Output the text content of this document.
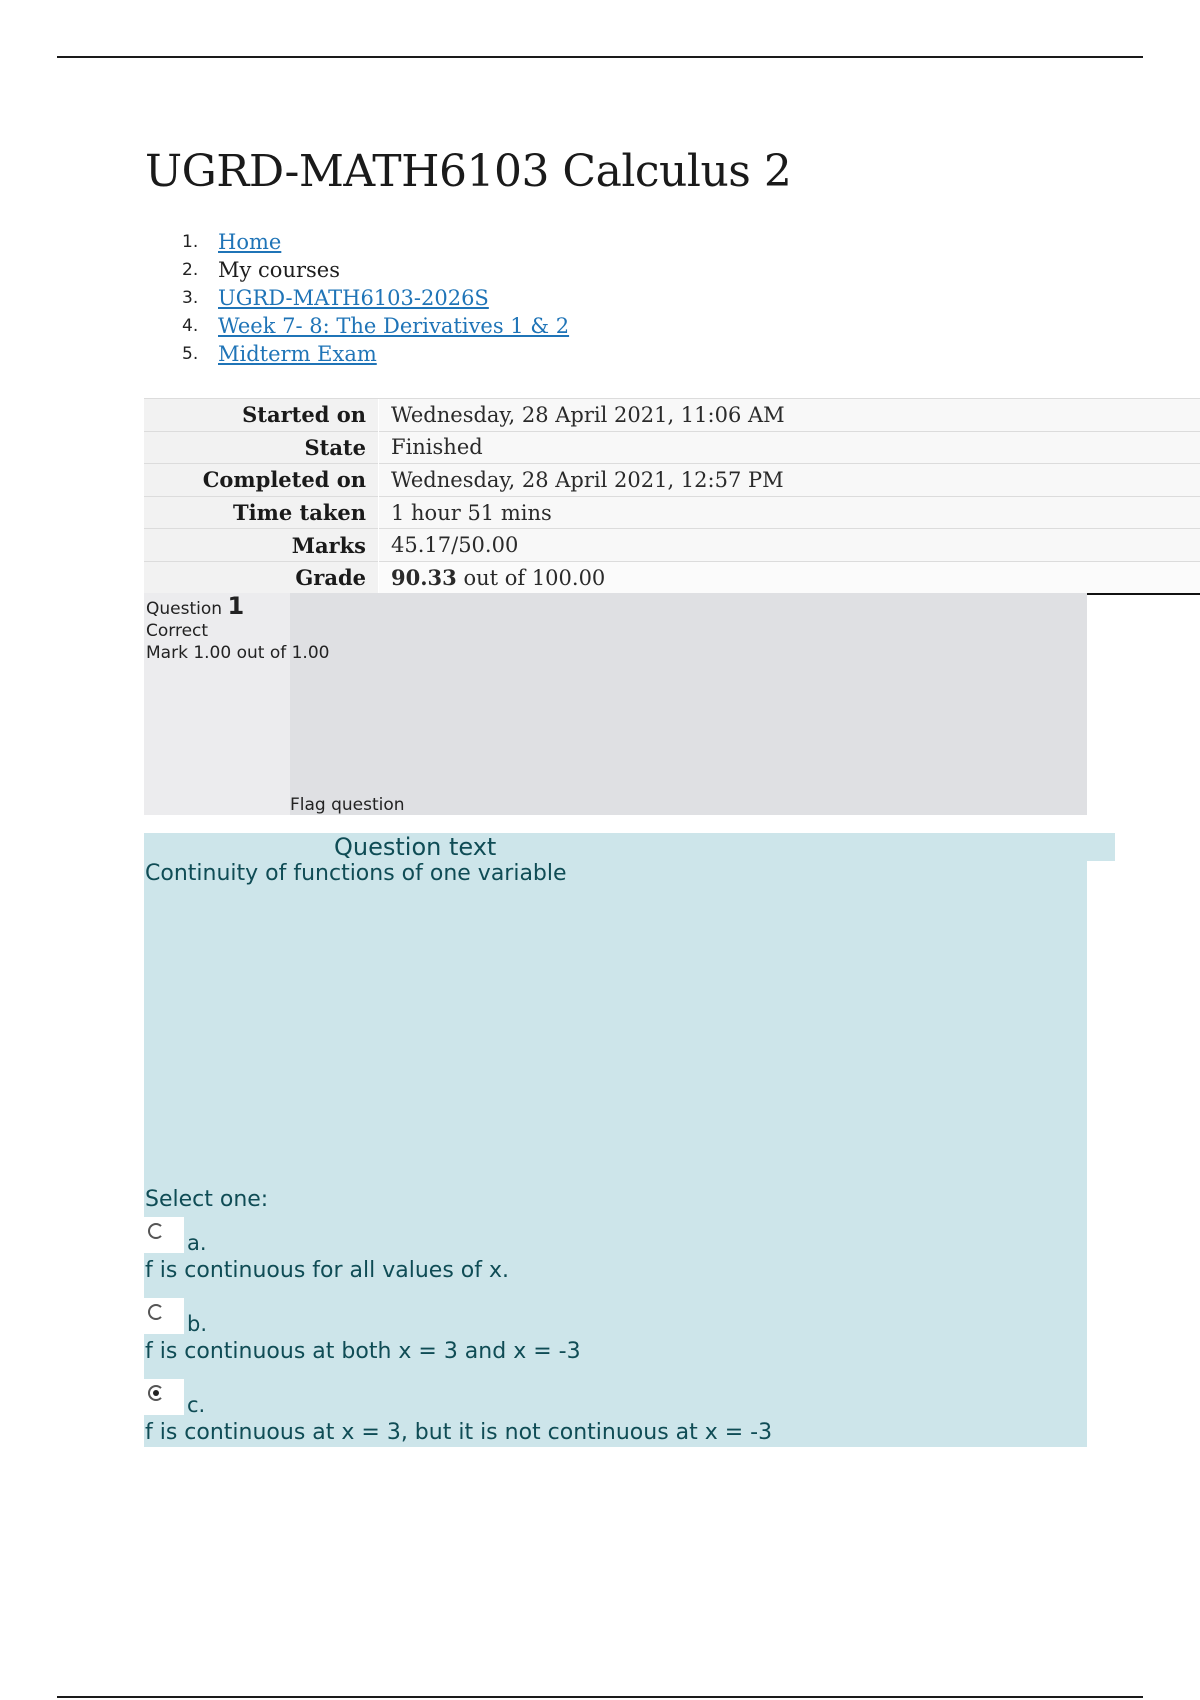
UGRD-MATH6103 Calculus 2
1. Home
2. My courses
3. UGRD-MATH6103-2026S
4. Week 7- 8: The Derivatives 1 & 2
5. Midterm Exam
Started on	Wednesday, 28 April 2021, 11:06 AM
State	Finished
Completed on	Wednesday, 28 April 2021, 12:57 PM
Time taken	1 hour 51 mins
Marks	45.17/50.00
Grade	90.33 out of 100.00
Question 1
Correct
Mark 1.00 out of 1.00
Flag question
Question text
Continuity of functions of one variable
Select one:
a.
f is continuous for all values of x.
b.
f is continuous at both x = 3 and x = -3
c.
f is continuous at x = 3, but it is not continuous at x = -3
